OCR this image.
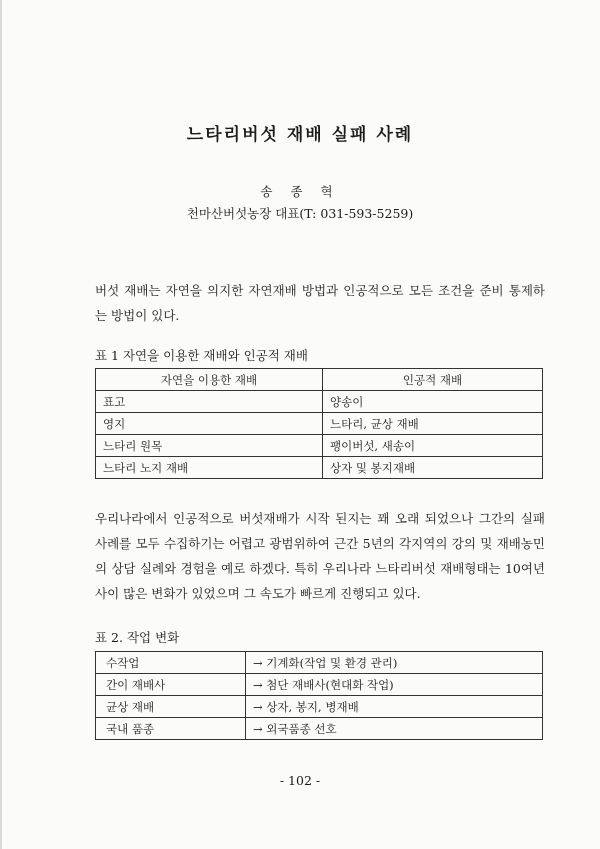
느타리버섯 재배 실패 사례
송 종 혁
천마산버섯농장 대표(T: 031-593-5259)

버섯 재배는 자연을 의지한 자연재배 방법과 인공적으로 모든 조건을 준비 통제하는 방법이 있다.

표 1 자연을 이용한 재배와 인공적 재배
자연을 이용한 재배	인공적 재배
표고	양송이
영지	느타리, 균상 재배
느타리 원목	팽이버섯, 새송이
느타리 노지 재배	상자 및 봉지재배

우리나라에서 인공적으로 버섯재배가 시작 된지는 꽤 오래 되었으나 그간의 실패 사례를 모두 수집하기는 어렵고 광범위하여 근간 5년의 각지역의 강의 및 재배농민의 상담 실례와 경험을 예로 하겠다. 특히 우리나라 느타리버섯 재배형태는 10여년 사이 많은 변화가 있었으며 그 속도가 빠르게 진행되고 있다.

표 2. 작업 변화
수작업	→ 기계화(작업 및 환경 관리)
간이 재배사	→ 첨단 재배사(현대화 작업)
균상 재배	→ 상자, 봉지, 병재배
국내 품종	→ 외국품종 선호
- 102 -
